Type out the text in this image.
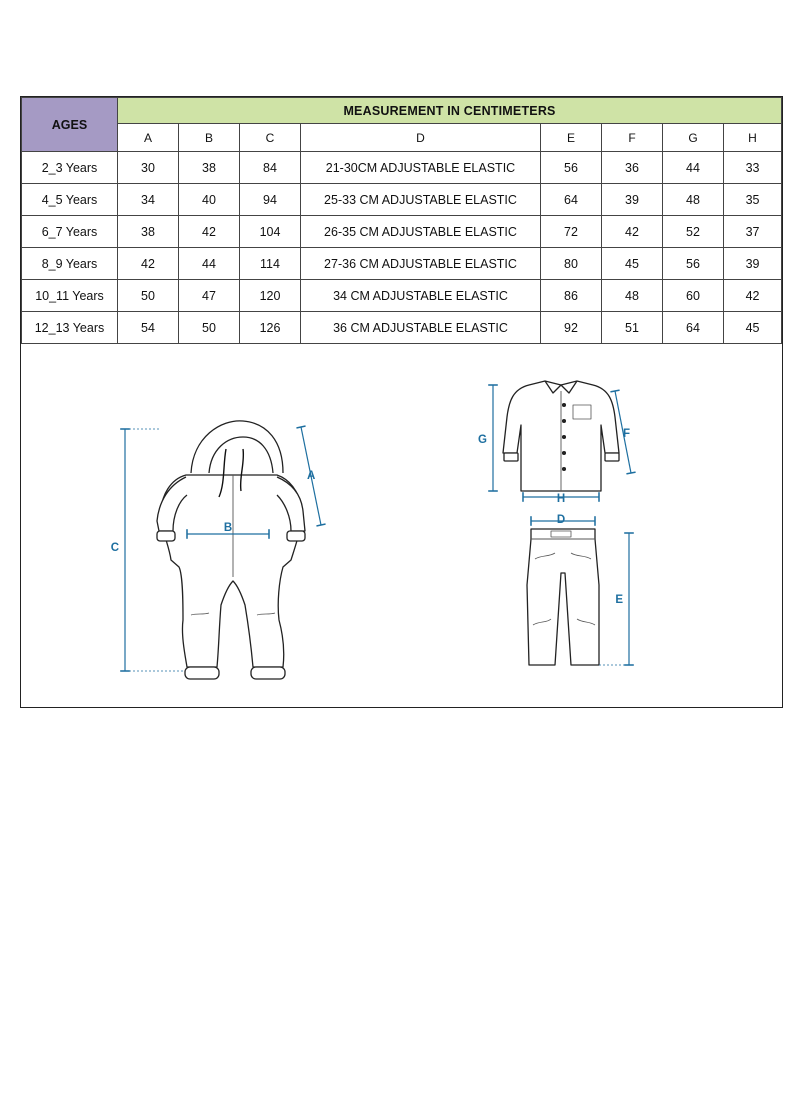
AGES	MEASUREMENT IN CENTIMETERS							
	A	B	C	D	E	F	G	H
2_3 Years	30	38	84	21-30CM ADJUSTABLE ELASTIC	56	36	44	33
4_5 Years	34	40	94	25-33 CM ADJUSTABLE ELASTIC	64	39	48	35
6_7 Years	38	42	104	26-35 CM ADJUSTABLE ELASTIC	72	42	52	37
8_9 Years	42	44	114	27-36 CM ADJUSTABLE ELASTIC	80	45	56	39
10_11 Years	50	47	120	34 CM ADJUSTABLE ELASTIC	86	48	60	42
12_13 Years	54	50	126	36 CM ADJUSTABLE ELASTIC	92	51	64	45
C
A
B
G	F
H
D
E
